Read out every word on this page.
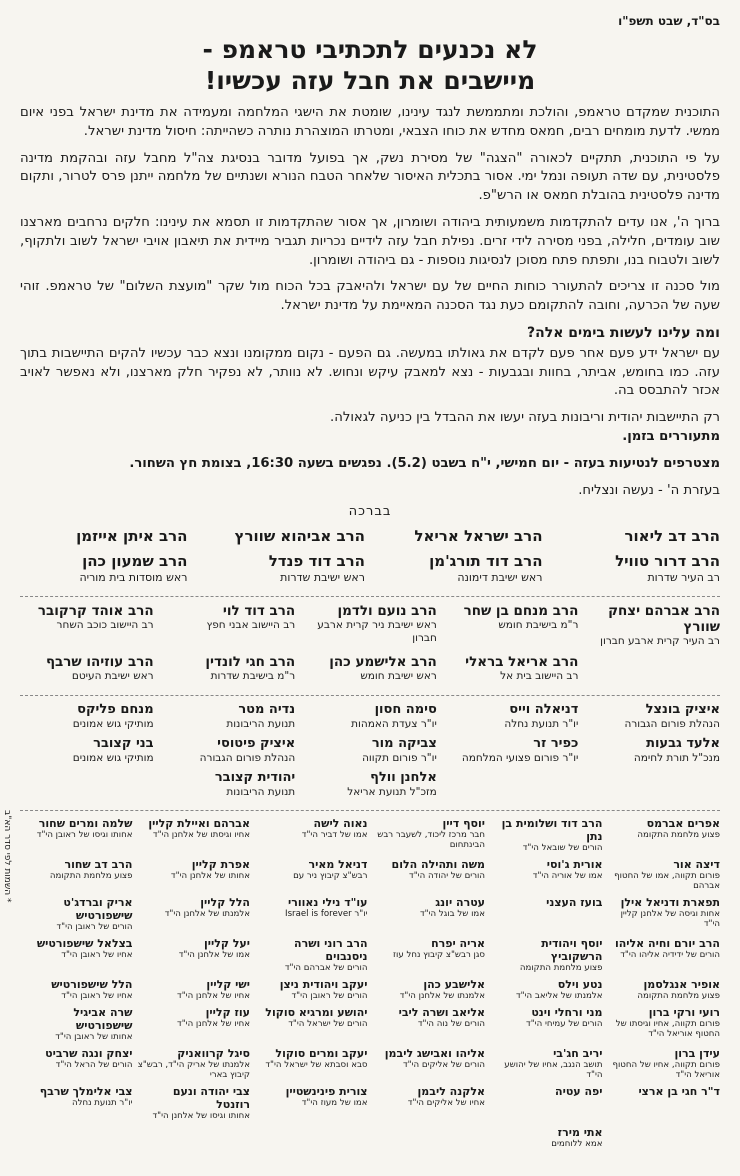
בס"ד, שבט תשפ"ו
לא נכנעים לתכתיבי טראמפ -
מיישבים את חבל עזה עכשיו!

התוכנית שמקדם טראמפ, והולכת ומתממשת לנגד עינינו, שומטת את הישגי המלחמה ומעמידה את מדינת ישראל בפני איום ממשי. לדעת מומחים רבים, חמאס מחדש את כוחו הצבאי, ומטרתו המוצהרת נותרה כשהייתה: חיסול מדינת ישראל.

על פי התוכנית, תתקיים לכאורה "הצגה" של מסירת נשק, אך בפועל מדובר בנסיגת צה"ל מחבל עזה ובהקמת מדינה פלסטינית, עם שדה תעופה ונמל ימי. אסור בתכלית האיסור שלאחר הטבח הנורא ושנתיים של מלחמה ייתנן פרס לטרור, ותקום מדינה פלסטינית בהובלת חמאס או הרש"פ.

ברוך ה', אנו עדים להתקדמות משמעותית ביהודה ושומרון, אך אסור שהתקדמות זו תסמא את עינינו: חלקים נרחבים מארצנו שוב עומדים, חלילה, בפני מסירה לידי זרים. נפילת חבל עזה לידיים נכריות תגביר מיידית את תיאבון אויבי ישראל לשוב ולתקוף, לשוב ולטבוח בנו, ותפתח פתח מסוכן לנסיגות נוספות - גם ביהודה ושומרון.

מול סכנה זו צריכים להתעורר כוחות החיים של עם ישראל ולהיאבק בכל הכוח מול שקר "מועצת השלום" של טראמפ. זוהי שעה של הכרעה, וחובה להתקומם כעת נגד הסכנה המאיימת על מדינת ישראל.

ומה עלינו לעשות בימים אלה?

עם ישראל ידע פעם אחר פעם לקדם את גאולתו במעשה. גם הפעם - נקום ממקומנו ונצא כבר עכשיו להקים התיישבות בתוך עזה. כמו בחומש, אביתר, בחוות ובגבעות - נצא למאבק עיקש ונחוש. לא נוותר, לא נפקיר חלק מארצנו, ולא נאפשר לאויב אכזר להתבסס בה.

רק התיישבות יהודית וריבונות בעזה יעשו את ההבדל בין כניעה לגאולה.

מתעוררים בזמן.

מצטרפים לנטיעות בעזה - יום חמישי, י"ח בשבט (5.2). נפגשים בשעה 16:30, בצומת חץ השחור.

בעזרת ה' - נעשה ונצליח.

בברכה
הרב דב ליאור
הרב ישראל אריאל
הרב אביהוא שוורץ
הרב איתן אייזמן
הרב דרור טוויל
רב העיר שדרות
הרב דוד תורג'מן
ראש ישיבת דימונה
הרב דוד פנדל
ראש ישיבת שדרות
הרב שמעון כהן
ראש מוסדות בית מוריה
הרב אברהם יצחק שוורץ
רב העיר קרית ארבע חברון
הרב מנחם בן שחר
ר"מ בישיבת חומש
הרב נועם ולדמן
ראש ישיבת ניר קרית ארבע חברון
הרב דוד לוי
רב היישוב אבני חפץ
הרב אוהד קרקובר
רב היישוב כוכב השחר
הרב אריאל בראלי
רב היישוב בית אל
הרב אלישמע כהן
ראש ישיבת חומש
הרב חגי לונדין
ר"מ בישיבת שדרות
הרב עוזיהו שרבף
ראש ישיבת העיטם
איציק בונצל
הנהלת פורום הגבורה
דניאלה וייס
יו"ר תנועת נחלה
סימה חסון
יו"ר צעדת האמהות
נדיה מטר
תנועת הריבונות
מנחם פליקס
מותיקי גוש אמונים
אלעד גבעות
מנכ"ל תורת לחימה
כפיר זר
יו"ר פורום פצועי המלחמה
צביקה מור
יו"ר פורום תקווה
איציק פיטוסי
הנהלת פורום הגבורה
בני קצובר
מותיקי גוש אמונים
אלחנן וולף
מזכ"ל תנועת אריאל
יהודית קצובר
תנועת הריבונות
אפרים אברמס
פצוע מלחמת התקומה
הרב דוד ושלומית בן נתן
הורים של שובאל הי"ד
יוסף דיין
חבר מרכז ליכוד, לשעבר רבש הבינתחום
נאוה לישה
אמו של דביר הי"ד
אברהם ואיילת קליין
אחיו וגיסתו של אלחנן הי"ד
שלמה ומרים שחור
אחותו וגיסו של ראובן הי"ד
דיצה אור
פורום תקווה, אמו של החטוף אברהם
אורית ג'וסי
אמו של אוריה הי"ד
משה ותהילה הלום
הורים של יהודה הי"ד
דניאל מאיר
רבש"צ קיבוץ ניר עם
אפרת קליין
אחותו של אלחנן הי"ד
הרב דב שחור
פצוע מלחמת התקומה
תפארת ודניאל אילן
אחות וגיסה של אלחנן קליין הי"ד
בועז העצני
עטרה יונג
אמו של בוגל הי"ד
עו"ד נילי נאוורי
יו"ר Israel is forever
הלל קליין
אלמנתו של אלחנן הי"ד
אריק וברדג'ט שישפורטיש
הורים של ראובן הי"ד
הרב יורם וחיה אליהו
הורים של ידידיה אליהו הי"ד
יוסף ויהודית הרשקוביץ
פצוע מלחמת התקומה
אריה יפרח
סגן רבש"צ קיבוץ נחל עוז
הרב רוני ושרה ניסנבוים
הורים של אברהם הי"ד
יעל קליין
אמו של אלחנן הי"ד
בצלאל שישפורטיש
אחיו של ראובן הי"ד
אופיר אנגלסמן
פצוע מלחמת התקומה
נטע וילס
אלמנתו של אליאב הי"ד
אלישבע כהן
אלמנתו של אלחנן הי"ד
יעקב ויהודית ניצן
הורים של ראובן הי"ד
ישי קליין
אחיו של אלחנן הי"ד
הלל שישפורטיש
אחיו של ראובן הי"ד
רועי ורקי ברון
פורום תקווה, אחיו וגיסתו של החטוף אוריאל הי"ד
מני ורחלי וינט
הורים של עמיחי הי"ד
אליאב ושרה ליבי
הורים של נוה הי"ד
יהושע ומרגיא סוקול
הורים של ישראל הי"ד
עוז קליין
אחיו של אלחנן הי"ד
שרה אביגיל שישפורטיש
אחותו של ראובן הי"ד
עידן ברון
פורום תקווה, אחיו של החטוף אוריאל הי"ד
יריב חג'בי
תושב הנגב, אחיו של יהושע הי"ד
אליהו ואבישג ליבמן
הורים של אליקים הי"ד
יעקב ומרים סוקול
סבא וסבתא של ישראל הי"ד
סיגל קרוואניק
אלמנתו של אריק הי"ד, רבש"צ קיבוץ בארי
יצחק ונגה שרביט
הורים של הראל הי"ד
ד"ר חגי בן ארצי
יפה עטיה
אלקנה ליבמן
אחיו של אליקים הי"ד
צורית פינינשטיין
אמו של מעוז הי"ד
צבי יהודה ונעם רוזנטל
אחותו וגיסו של אלחנן הי"ד
צבי אלימלך שרבף
יו"ר תנועת נחלה
אתי מירז
אמא ללוחמים
* השמות לפי סדר הא"ב
